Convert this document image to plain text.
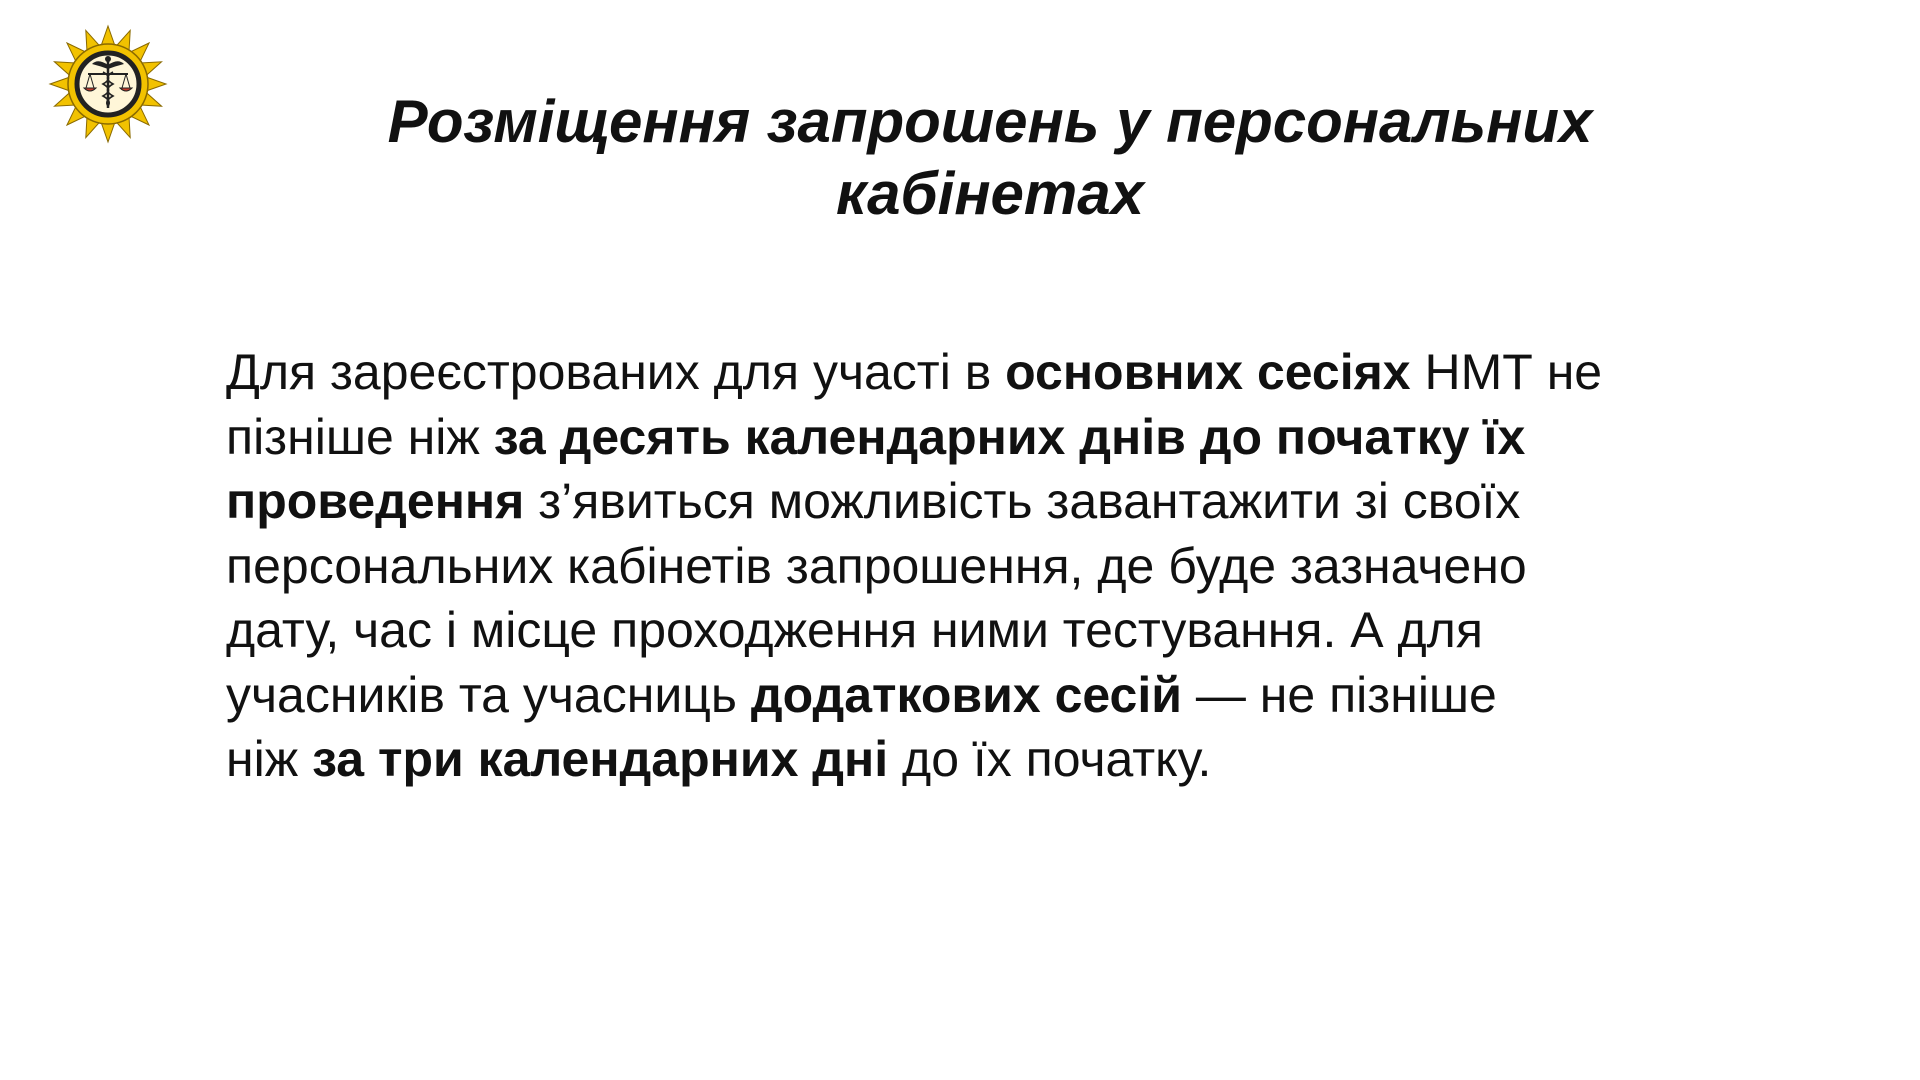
Розміщення запрошень у персональних
кабінетах

Для зареєстрованих для участі в основних сесіях НМТ не
пізніше ніж за десять календарних днів до початку їх
проведення з’явиться можливість завантажити зі своїх
персональних кабінетів запрошення, де буде зазначено
дату, час і місце проходження ними тестування. А для
учасників та учасниць додаткових сесій — не пізніше
ніж за три календарних дні до їх початку.
